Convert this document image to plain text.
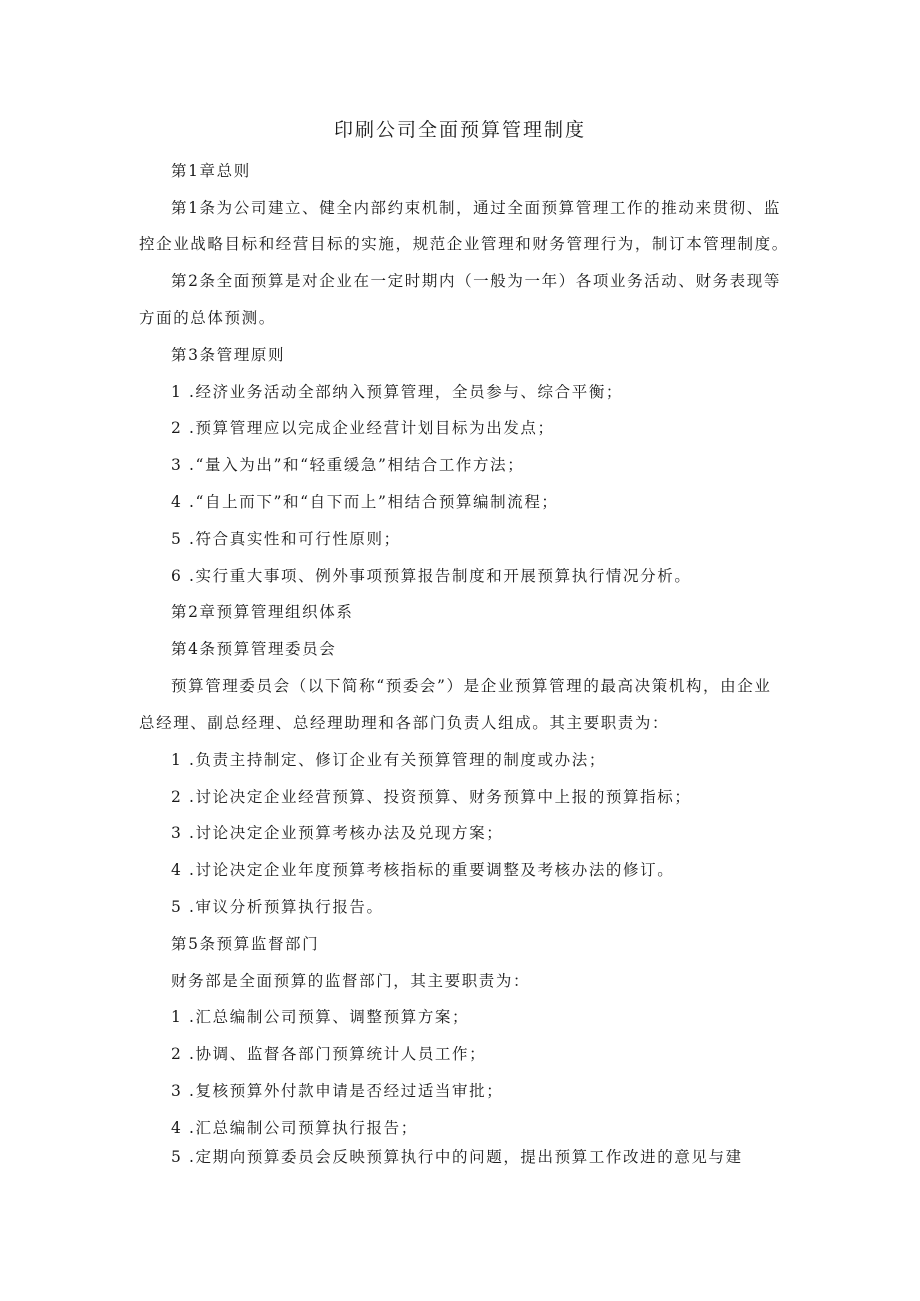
印刷公司全面预算管理制度
第1章总则
第1条为公司建立、健全内部约束机制，通过全面预算管理工作的推动来贯彻、监
控企业战略目标和经营目标的实施，规范企业管理和财务管理行为，制订本管理制度。
第2条全面预算是对企业在一定时期内（一般为一年）各项业务活动、财务表现等
方面的总体预测。
第3条管理原则
1 .经济业务活动全部纳入预算管理，全员参与、综合平衡；
2 .预算管理应以完成企业经营计划目标为出发点；
3 .“量入为出”和“轻重缓急”相结合工作方法；
4 .“自上而下”和“自下而上”相结合预算编制流程；
5 .符合真实性和可行性原则；
6 .实行重大事项、例外事项预算报告制度和开展预算执行情况分析。
第2章预算管理组织体系
第4条预算管理委员会
预算管理委员会（以下简称“预委会”）是企业预算管理的最高决策机构，由企业
总经理、副总经理、总经理助理和各部门负责人组成。其主要职责为：
1 .负责主持制定、修订企业有关预算管理的制度或办法；
2 .讨论决定企业经营预算、投资预算、财务预算中上报的预算指标；
3 .讨论决定企业预算考核办法及兑现方案；
4 .讨论决定企业年度预算考核指标的重要调整及考核办法的修订。
5 .审议分析预算执行报告。
第5条预算监督部门
财务部是全面预算的监督部门，其主要职责为：
1 .汇总编制公司预算、调整预算方案；
2 .协调、监督各部门预算统计人员工作；
3 .复核预算外付款申请是否经过适当审批；
4 .汇总编制公司预算执行报告；
5 .定期向预算委员会反映预算执行中的问题，提出预算工作改进的意见与建
